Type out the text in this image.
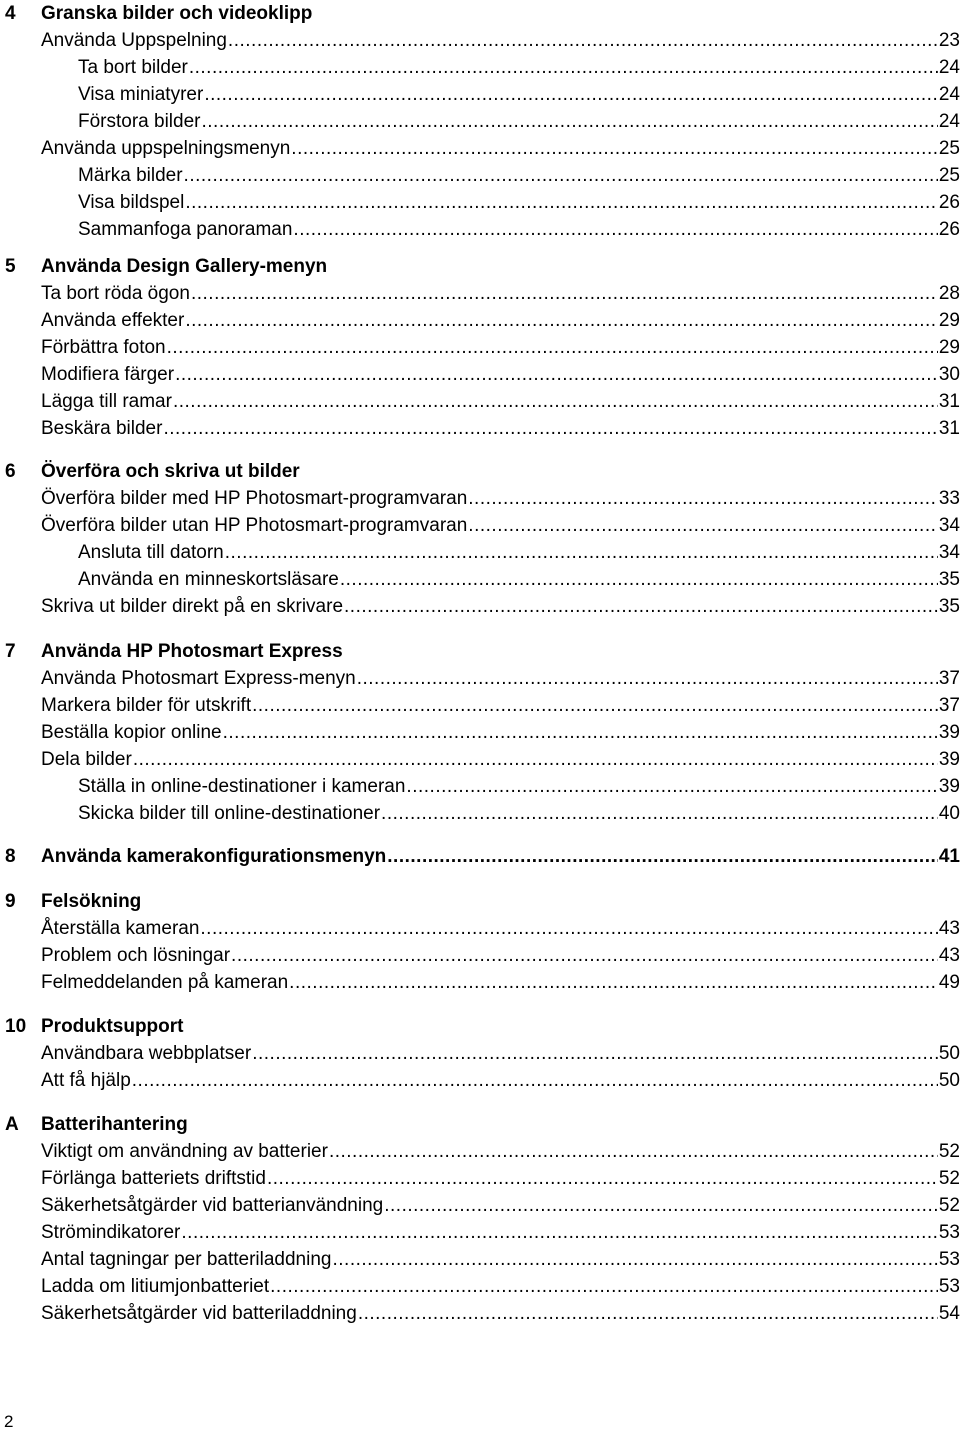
4 Granska bilder och videoklipp
Använda Uppspelning .....	23
Ta bort bilder .....	24
Visa miniatyrer .....	24
Förstora bilder .....	24
Använda uppspelningsmenyn .....	25
Märka bilder .....	25
Visa bildspel .....	26
Sammanfoga panoraman .....	26
5 Använda Design Gallery-menyn
Ta bort röda ögon .....	28
Använda effekter .....	29
Förbättra foton .....	29
Modifiera färger .....	30
Lägga till ramar .....	31
Beskära bilder .....	31
6 Överföra och skriva ut bilder
Överföra bilder med HP Photosmart-programvaran .....	33
Överföra bilder utan HP Photosmart-programvaran .....	34
Ansluta till datorn .....	34
Använda en minneskortsläsare .....	35
Skriva ut bilder direkt på en skrivare .....	35
7 Använda HP Photosmart Express
Använda Photosmart Express-menyn .....	37
Markera bilder för utskrift .....	37
Beställa kopior online .....	39
Dela bilder .....	39
Ställa in online-destinationer i kameran .....	39
Skicka bilder till online-destinationer .....	40
8 Använda kamerakonfigurationsmenyn .....	41
9 Felsökning
Återställa kameran .....	43
Problem och lösningar .....	43
Felmeddelanden på kameran .....	49
10 Produktsupport
Användbara webbplatser .....	50
Att få hjälp .....	50
A Batterihantering
Viktigt om användning av batterier .....	52
Förlänga batteriets driftstid .....	52
Säkerhetsåtgärder vid batterianvändning .....	52
Strömindikatorer .....	53
Antal tagningar per batteriladdning .....	53
Ladda om litiumjonbatteriet .....	53
Säkerhetsåtgärder vid batteriladdning .....	54
2
